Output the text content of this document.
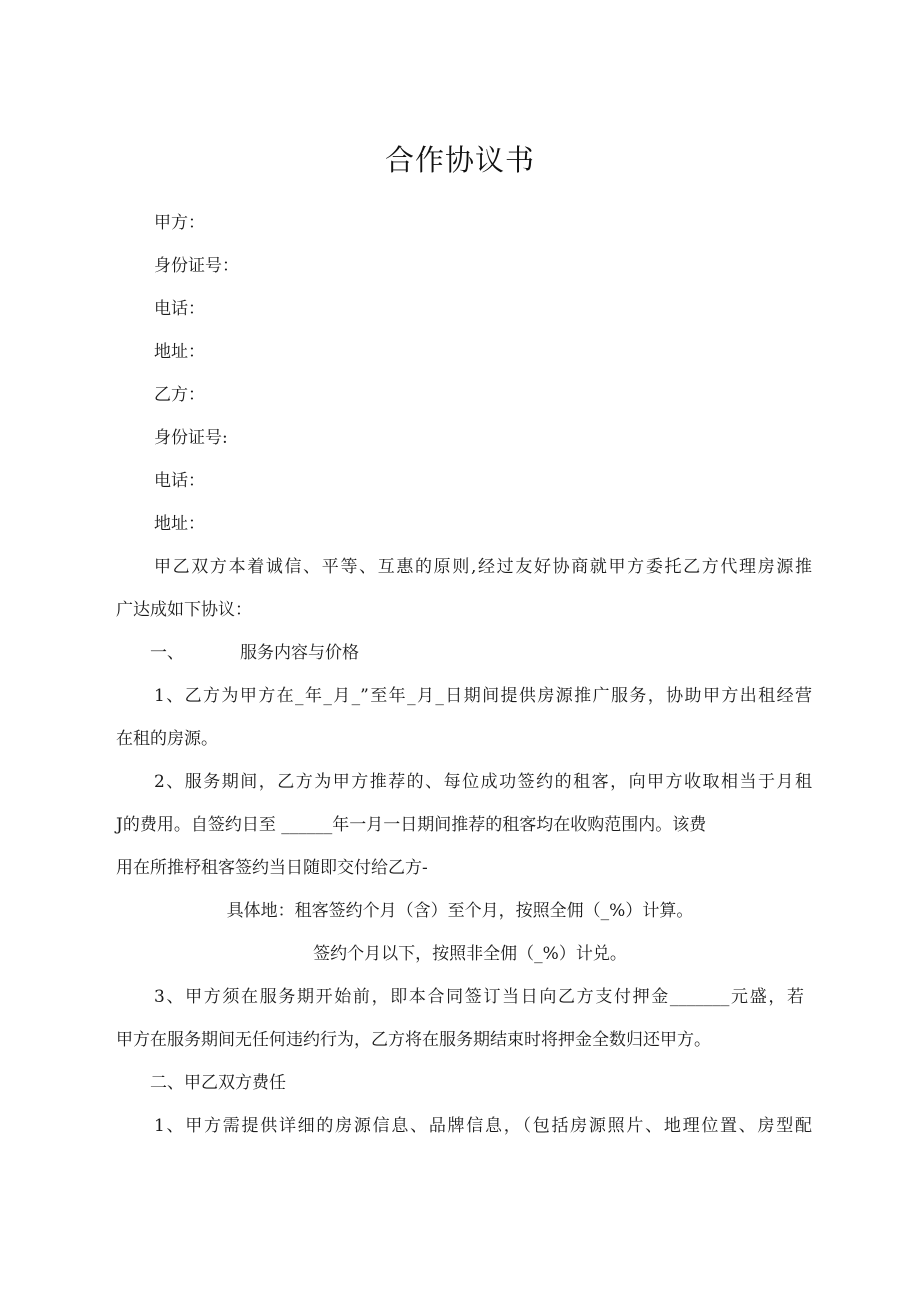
合作协议书
甲方：
身份证号：
电话：
地址：
乙方：
身份证号:
电话：
地址：
甲乙双方本着诚信、平等、互惠的原则,经过友好协商就甲方委托乙方代理房源推
广达成如下协议：
一、	服务内容与价格
1、乙方为甲方在_年_月_”至年_月_日期间提供房源推广服务，协助甲方出租经营
在租的房源。
2、服务期间，乙方为甲方推荐的、每位成功签约的租客，向甲方收取相当于月租
J的费用。自签约日至 ______年一月一日期间推荐的租客均在收购范围内。该费
用在所推杼租客签约当日随即交付给乙方-
具体地：租客签约个月（含）至个月，按照全佣（_%）计算。
签约个月以下，按照非全佣（_%）计兑。
3、甲方须在服务期开始前，即本合同签订当日向乙方支付押金_______元盛，若
甲方在服务期间无任何违约行为，乙方将在服务期结束时将押金全数归还甲方。
二、甲乙双方费任
1、甲方需提供详细的房源信息、品牌信息，（包括房源照片、地理位置、房型配
